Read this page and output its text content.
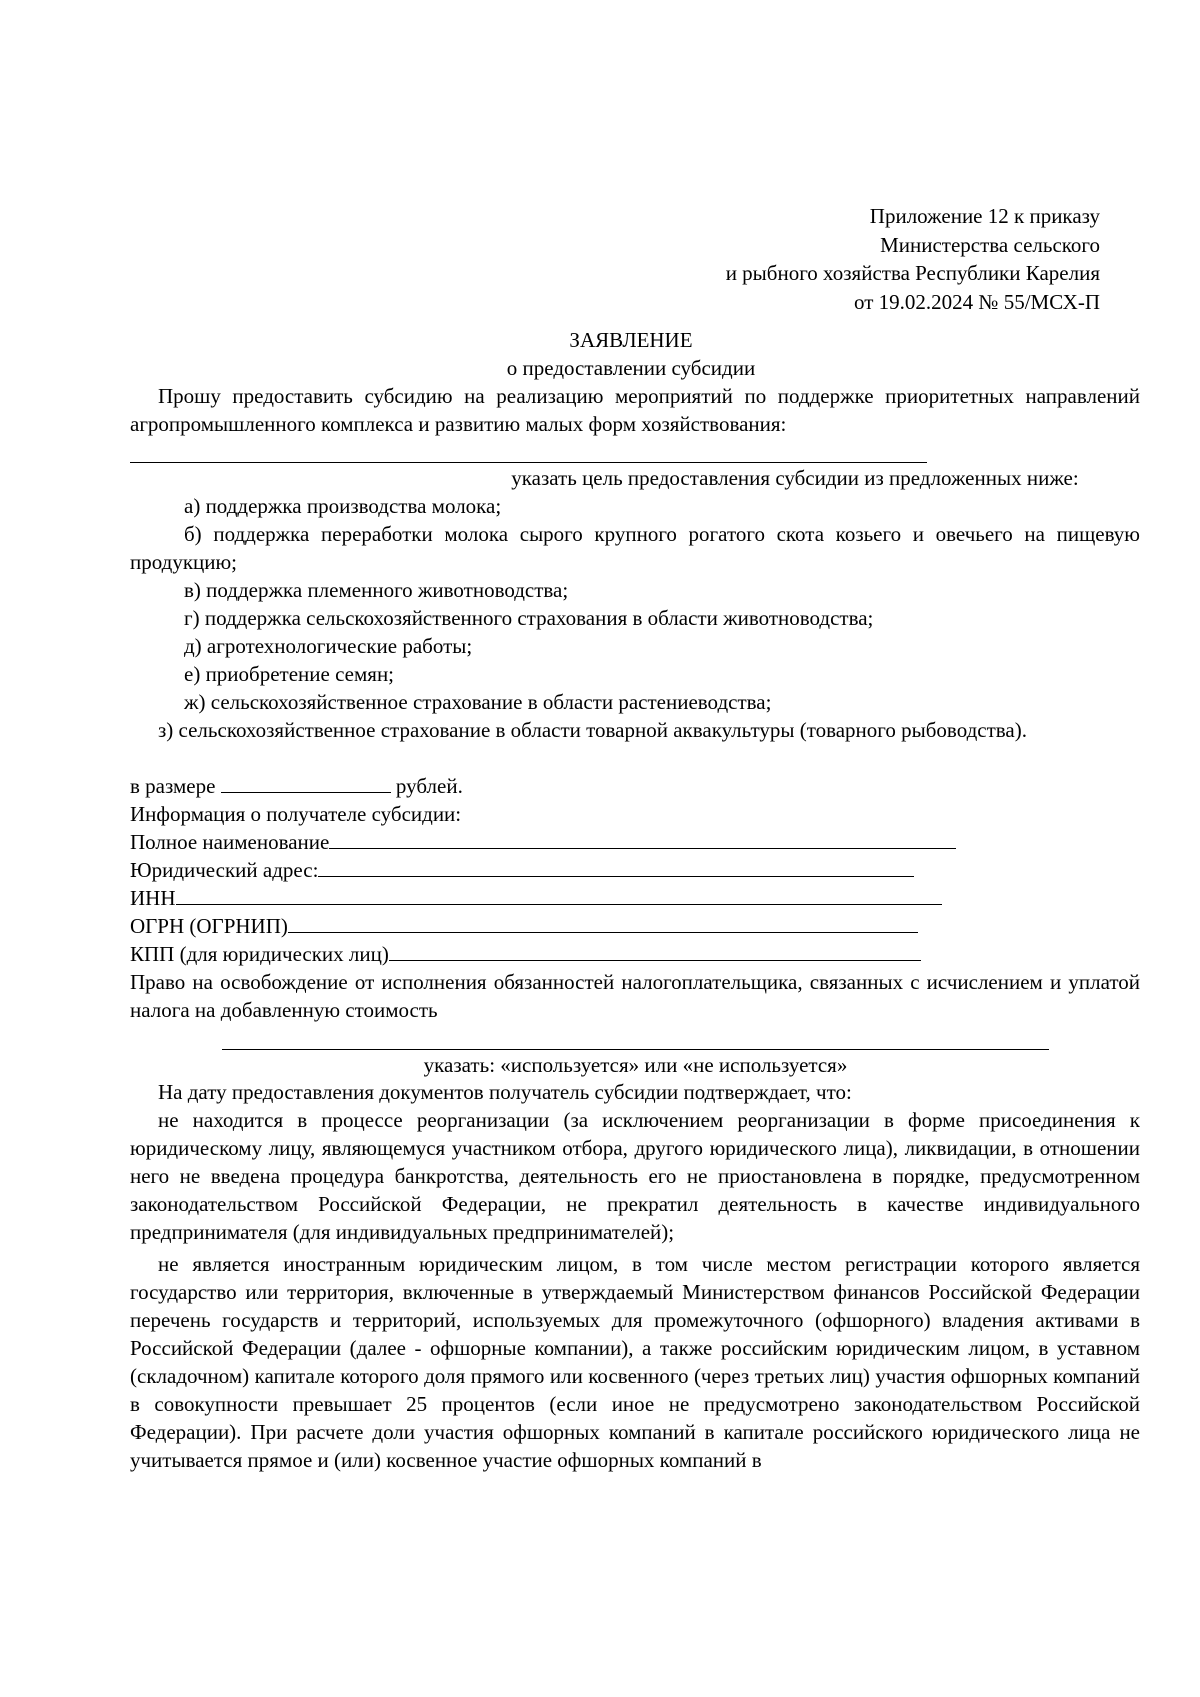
Приложение 12 к приказу
Министерства сельского
и рыбного хозяйства Республики Карелия
от 19.02.2024 № 55/МСХ-П
ЗАЯВЛЕНИЕ
о предоставлении субсидии
Прошу предоставить субсидию на реализацию мероприятий по поддержке приоритетных направлений агропромышленного комплекса и развитию малых форм хозяйствования:
указать цель предоставления субсидии из предложенных ниже:

а) поддержка производства молока;

б) поддержка переработки молока сырого крупного рогатого скота козьего и овечьего на пищевую продукцию;

в) поддержка племенного животноводства;

г) поддержка сельскохозяйственного страхования в области животноводства;

д) агротехнологические работы;

е) приобретение семян;

ж) сельскохозяйственное страхование в области растениеводства;

з) сельскохозяйственное страхование в области товарной аквакультуры (товарного рыбоводства).

в размере	рублей.
Информация о получателе субсидии:
Полное наименование
Юридический адрес:
ИНН
ОГРН (ОГРНИП)
КПП (для юридических лиц)
Право на освобождение от исполнения обязанностей налогоплательщика, связанных с исчислением и уплатой налога на добавленную стоимость
указать: «используется» или «не используется»

На дату предоставления документов получатель субсидии подтверждает, что:

не находится в процессе реорганизации (за исключением реорганизации в форме присоединения к юридическому лицу, являющемуся участником отбора, другого юридического лица), ликвидации, в отношении него не введена процедура банкротства, деятельность его не приостановлена в порядке, предусмотренном законодательством Российской Федерации, не прекратил деятельность в качестве индивидуального предпринимателя (для индивидуальных предпринимателей);

не является иностранным юридическим лицом, в том числе местом регистрации которого является государство или территория, включенные в утверждаемый Министерством финансов Российской Федерации перечень государств и территорий, используемых для промежуточного (офшорного) владения активами в Российской Федерации (далее - офшорные компании), а также российским юридическим лицом, в уставном (складочном) капитале которого доля прямого или косвенного (через третьих лиц) участия офшорных компаний в совокупности превышает 25 процентов (если иное не предусмотрено законодательством Российской Федерации). При расчете доли участия офшорных компаний в капитале российского юридического лица не учитывается прямое и (или) косвенное участие офшорных компаний в
